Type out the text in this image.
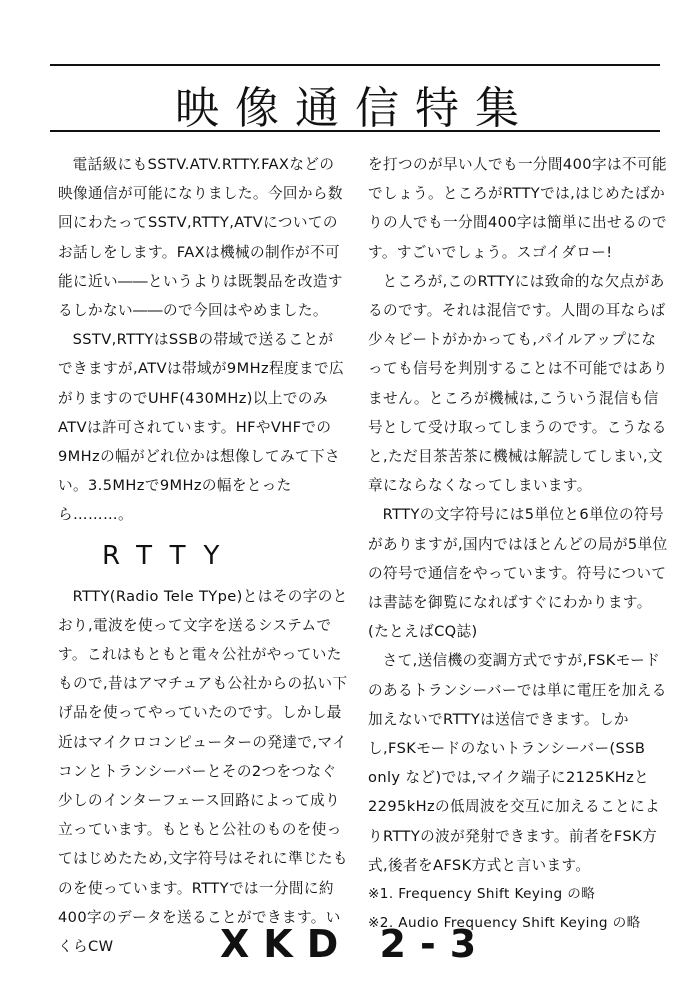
映像通信特集

電話級にもSSTV.ATV.RTTY.FAXなどの映像通信が可能になりました。今回から数回にわたってSSTV,RTTY,ATVについてのお話しをします。FAXは機械の制作が不可能に近い――というよりは既製品を改造するしかない――ので今回はやめました。

SSTV,RTTYはSSBの帯域で送ることができますが,ATVは帯域が9MHz程度まで広がりますのでUHF(430MHz)以上でのみATVは許可されています。HFやVHFでの9MHzの幅がどれ位かは想像してみて下さい。3.5MHzで9MHzの幅をとったら………。

RTTY

RTTY(Radio Tele TYpe)とはその字のとおり,電波を使って文字を送るシステムです。これはもともと電々公社がやっていたもので,昔はアマチュアも公社からの払い下げ品を使ってやっていたのです。しかし最近はマイクロコンピューターの発達で,マイコンとトランシーバーとその2つをつなぐ少しのインターフェース回路によって成り立っています。もともと公社のものを使ってはじめたため,文字符号はそれに準じたものを使っています。RTTYでは一分間に約400字のデータを送ることができます。いくらCW

を打つのが早い人でも一分間400字は不可能でしょう。ところがRTTYでは,はじめたばかりの人でも一分間400字は簡単に出せるのです。すごいでしょう。スゴイダロー!

ところが,このRTTYには致命的な欠点があるのです。それは混信です。人間の耳ならば少々ビートがかかっても,パイルアップになっても信号を判別することは不可能ではありません。ところが機械は,こういう混信も信号として受け取ってしまうのです。こうなると,ただ目茶苦茶に機械は解読してしまい,文章にならなくなってしまいます。

RTTYの文字符号には5単位と6単位の符号がありますが,国内ではほとんどの局が5単位の符号で通信をやっています。符号については書誌を御覧になればすぐにわかります。(たとえばCQ誌)

さて,送信機の変調方式ですが,FSKモードのあるトランシーバーでは単に電圧を加える加えないでRTTYは送信できます。しかし,FSKモードのないトランシーバー(SSB only など)では,マイク端子に2125KHzと2295kHzの低周波を交互に加えることによりRTTYの波が発射できます。前者をFSK方式,後者をAFSK方式と言います。

※1. Frequency Shift Keying の略

※2. Audio Frequency Shift Keying の略

XKD 2-3
